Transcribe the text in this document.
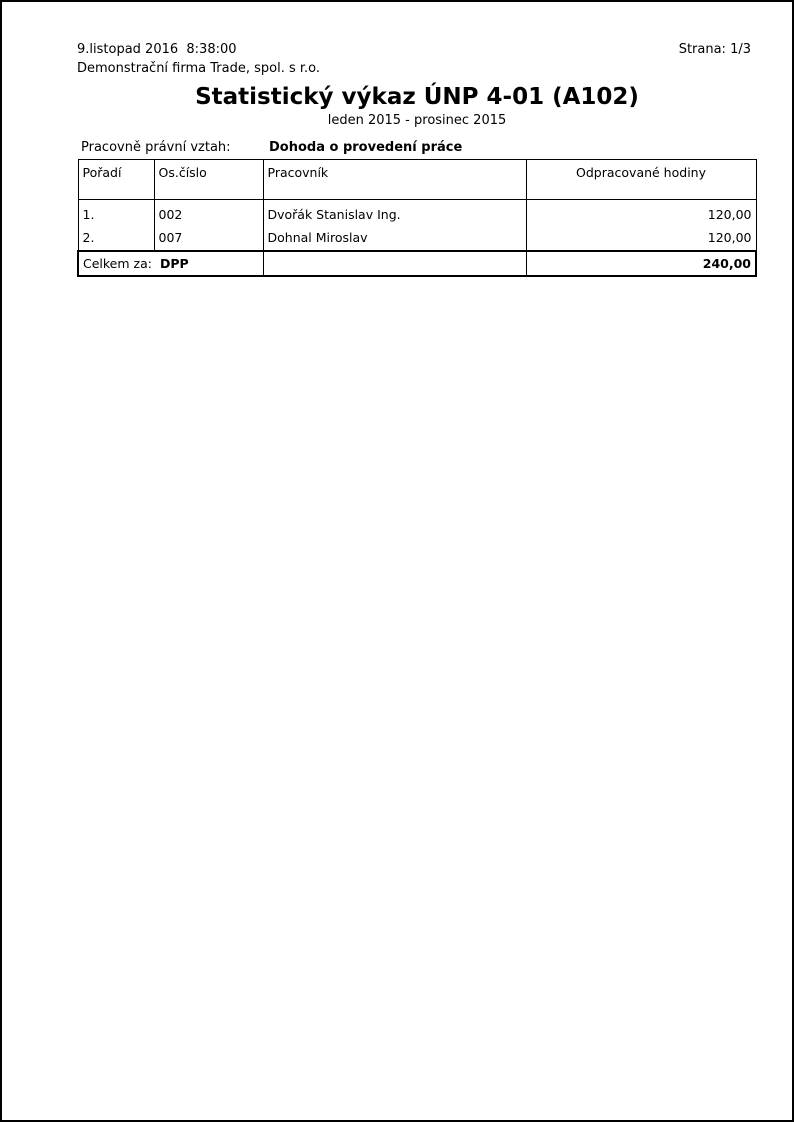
9.listopad 2016  8:38:00	Strana: 1/3
Demonstrační firma Trade, spol. s r.o.
Statistický výkaz ÚNP 4-01 (A102)
leden 2015 - prosinec 2015
Pracovně právní vztah:	Dohoda o provedení práce
Pořadí	Os.číslo	Pracovník	Odpracované hodiny
1.	002	Dvořák Stanislav Ing.	120,00
2.	007	Dohnal Miroslav	120,00
Celkem za: DPP			240,00
